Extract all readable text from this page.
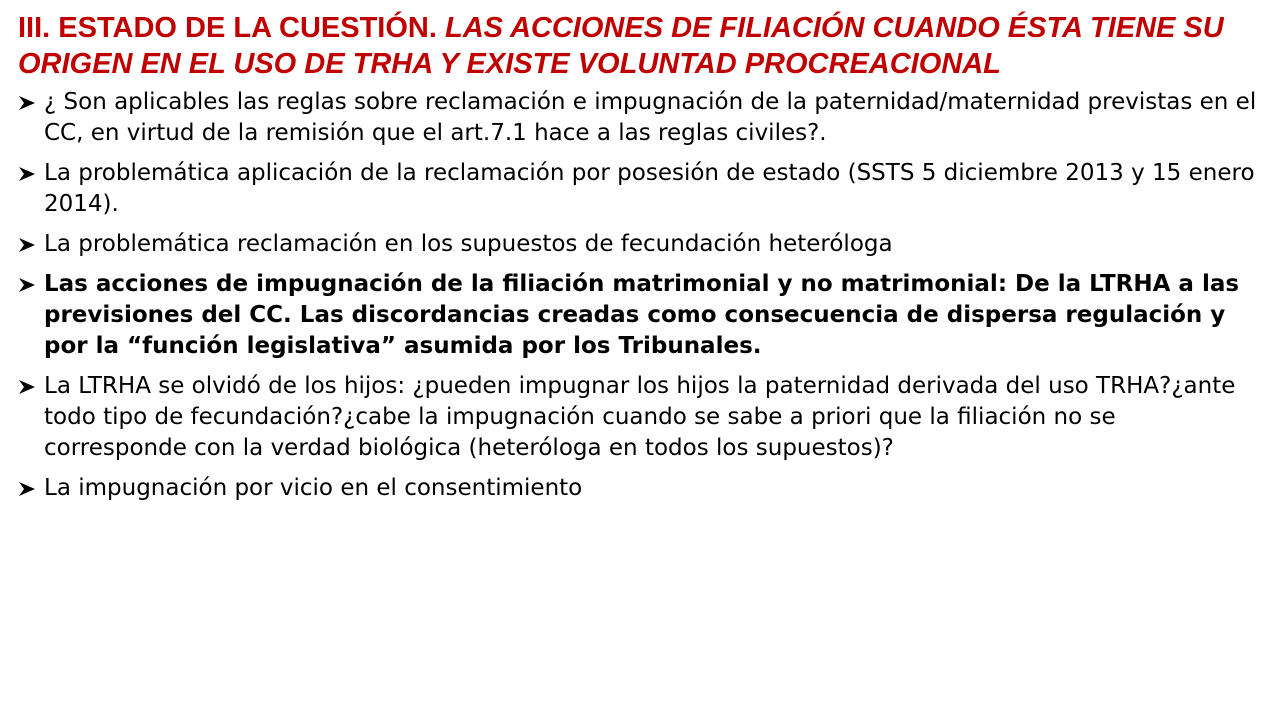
III. ESTADO DE LA CUESTIÓN. LAS ACCIONES DE FILIACIÓN CUANDO ÉSTA TIENE SU ORIGEN EN EL USO DE TRHA Y EXISTE VOLUNTAD PROCREACIONAL
¿ Son aplicables las reglas sobre reclamación e impugnación de la paternidad/maternidad previstas en el CC, en virtud de la remisión que el art.7.1 hace a las reglas civiles?.
La problemática aplicación de la reclamación por posesión de estado (SSTS 5 diciembre 2013 y 15 enero 2014).
La problemática reclamación en los supuestos de fecundación heteróloga
Las acciones de impugnación de la filiación matrimonial y no matrimonial: De la LTRHA a las previsiones del CC. Las discordancias creadas como consecuencia de dispersa regulación y por la “función legislativa” asumida por los Tribunales.
La LTRHA se olvidó de los hijos: ¿pueden impugnar los hijos la paternidad derivada del uso TRHA?¿ante todo tipo de fecundación?¿cabe la impugnación cuando se sabe a priori que la filiación no se corresponde con la verdad biológica (heteróloga en todos los supuestos)?
La impugnación por vicio en el consentimiento
